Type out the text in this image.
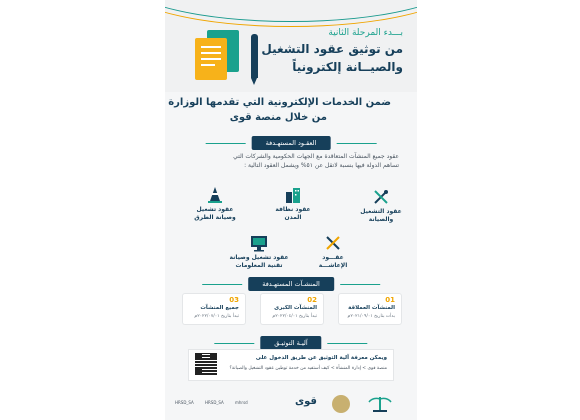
بـــدء المرحلة الثانية
من توثيق عقود التشغيل
والصيــانة إلكترونياً
ضمن الخدمات الإلكترونية التي تقدمها الوزارة
من خلال منصة قوى
العقـود المستهـدفة
عقود جميع المنشآت المتعاقدة مع الجهات الحكومية والشركات التي
تساهم الدولة فيها بنسبة لاتقل عن ٥١% ويشمل العقود التالية :
عقود التشغيل
والصيانة
عقود نظافة
المدن
عقود تشغيل
وصيانة الطرق
عقـــود
الإعاشـــة
عقود تشغيل وصيانة
تقنية المعلومات
المنشـآت المستهـدفة
01
المنشآت العملاقة
بدأت بتاريخ ٢٠٢١/٠٩/٠١م
02
المنشآت الكبرى
تبدأ بتاريخ ٢٠٢٢/٠٤/٠١م
03
جميع المنشآت
تبدأ بتاريخ ٢٠٢٢/٠٧/٠١م
آليـة التوثيـق
ويمكن معرفة آلية التوثيق عن طريق الدخول على
منصة قوى > إدارة المنشأة > كيف أستفيد من خدمة توطين عقود التشغيل والصيانة؟
HRSD_SA	HRSD_SA	mhrsd	قوى
